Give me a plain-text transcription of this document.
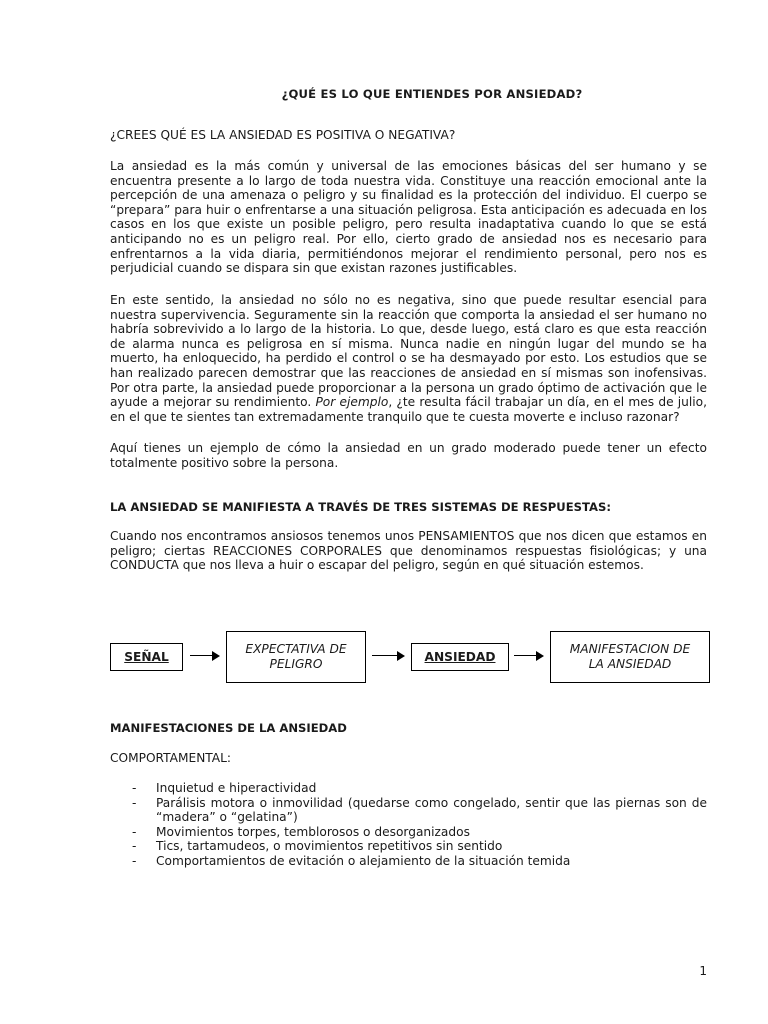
¿QUÉ ES LO QUE ENTIENDES POR ANSIEDAD?

¿CREES QUÉ ES LA ANSIEDAD ES POSITIVA O NEGATIVA?

La ansiedad es la más común y universal de las emociones básicas del ser humano y se encuentra presente a lo largo de toda nuestra vida. Constituye una reacción emocional ante la percepción de una amenaza o peligro y su finalidad es la protección del individuo. El cuerpo se “prepara” para huir o enfrentarse a una situación peligrosa. Esta anticipación es adecuada en los casos en los que existe un posible peligro, pero resulta inadaptativa cuando lo que se está anticipando no es un peligro real. Por ello, cierto grado de ansiedad nos es necesario para enfrentarnos a la vida diaria, permitiéndonos mejorar el rendimiento personal, pero nos es perjudicial cuando se dispara sin que existan razones justificables.

En este sentido, la ansiedad no sólo no es negativa, sino que puede resultar esencial para nuestra supervivencia. Seguramente sin la reacción que comporta la ansiedad el ser humano no habría sobrevivido a lo largo de la historia. Lo que, desde luego, está claro es que esta reacción de alarma nunca es peligrosa en sí misma. Nunca nadie en ningún lugar del mundo se ha muerto, ha enloquecido, ha perdido el control o se ha desmayado por esto. Los estudios que se han realizado parecen demostrar que las reacciones de ansiedad en sí mismas son inofensivas. Por otra parte, la ansiedad puede proporcionar a la persona un grado óptimo de activación que le ayude a mejorar su rendimiento. Por ejemplo, ¿te resulta fácil trabajar un día, en el mes de julio, en el que te sientes tan extremadamente tranquilo que te cuesta moverte e incluso razonar?

Aquí tienes un ejemplo de cómo la ansiedad en un grado moderado puede tener un efecto totalmente positivo sobre la persona.

LA ANSIEDAD SE MANIFIESTA A TRAVÉS DE TRES SISTEMAS DE RESPUESTAS:

Cuando nos encontramos ansiosos tenemos unos PENSAMIENTOS que nos dicen que estamos en peligro; ciertas REACCIONES CORPORALES que denominamos respuestas fisiológicas; y una CONDUCTA que nos lleva a huir o escapar del peligro, según en qué situación estemos.

SEÑAL
EXPECTATIVA DE PELIGRO
ANSIEDAD
MANIFESTACION DE LA ANSIEDAD

MANIFESTACIONES DE LA ANSIEDAD

COMPORTAMENTAL:

- Inquietud e hiperactividad
- Parálisis motora o inmovilidad (quedarse como congelado, sentir que las piernas son de “madera” o “gelatina”)
- Movimientos torpes, temblorosos o desorganizados
- Tics, tartamudeos, o movimientos repetitivos sin sentido
- Comportamientos de evitación o alejamiento de la situación temida
1
